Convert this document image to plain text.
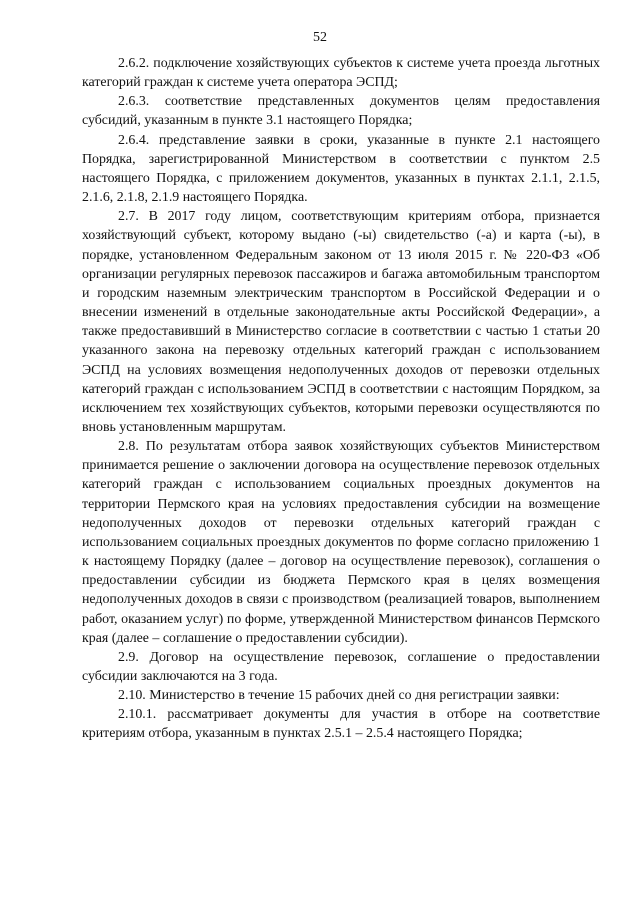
52

2.6.2. подключение хозяйствующих субъектов к системе учета проезда льготных категорий граждан к системе учета оператора ЭСПД;

2.6.3. соответствие представленных документов целям предоставления субсидий, указанным в пункте 3.1 настоящего Порядка;

2.6.4. представление заявки в сроки, указанные в пункте 2.1 настоящего Порядка, зарегистрированной Министерством в соответствии с пунктом 2.5 настоящего Порядка, с приложением документов, указанных в пунктах 2.1.1, 2.1.5, 2.1.6, 2.1.8, 2.1.9 настоящего Порядка.

2.7. В 2017 году лицом, соответствующим критериям отбора, признается хозяйствующий субъект, которому выдано (-ы) свидетельство (-а) и карта (-ы), в порядке, установленном Федеральным законом от 13 июля 2015 г. № 220-ФЗ «Об организации регулярных перевозок пассажиров и багажа автомобильным транспортом и городским наземным электрическим транспортом в Российской Федерации и о внесении изменений в отдельные законодательные акты Российской Федерации», а также предоставивший в Министерство согласие в соответствии с частью 1 статьи 20 указанного закона на перевозку отдельных категорий граждан с использованием ЭСПД на условиях возмещения недополученных доходов от перевозки отдельных категорий граждан с использованием ЭСПД в соответствии с настоящим Порядком, за исключением тех хозяйствующих субъектов, которыми перевозки осуществляются по вновь установленным маршрутам.

2.8. По результатам отбора заявок хозяйствующих субъектов Министерством принимается решение о заключении договора на осуществление перевозок отдельных категорий граждан с использованием социальных проездных документов на территории Пермского края на условиях предоставления субсидии на возмещение недополученных доходов от перевозки отдельных категорий граждан с использованием социальных проездных документов по форме согласно приложению 1 к настоящему Порядку (далее – договор на осуществление перевозок), соглашения о предоставлении субсидии из бюджета Пермского края в целях возмещения недополученных доходов в связи с производством (реализацией товаров, выполнением работ, оказанием услуг) по форме, утвержденной Министерством финансов Пермского края (далее – соглашение о предоставлении субсидии).

2.9. Договор на осуществление перевозок, соглашение о предоставлении субсидии заключаются на 3 года.

2.10. Министерство в течение 15 рабочих дней со дня регистрации заявки:

2.10.1. рассматривает документы для участия в отборе на соответствие критериям отбора, указанным в пунктах 2.5.1 – 2.5.4 настоящего Порядка;
